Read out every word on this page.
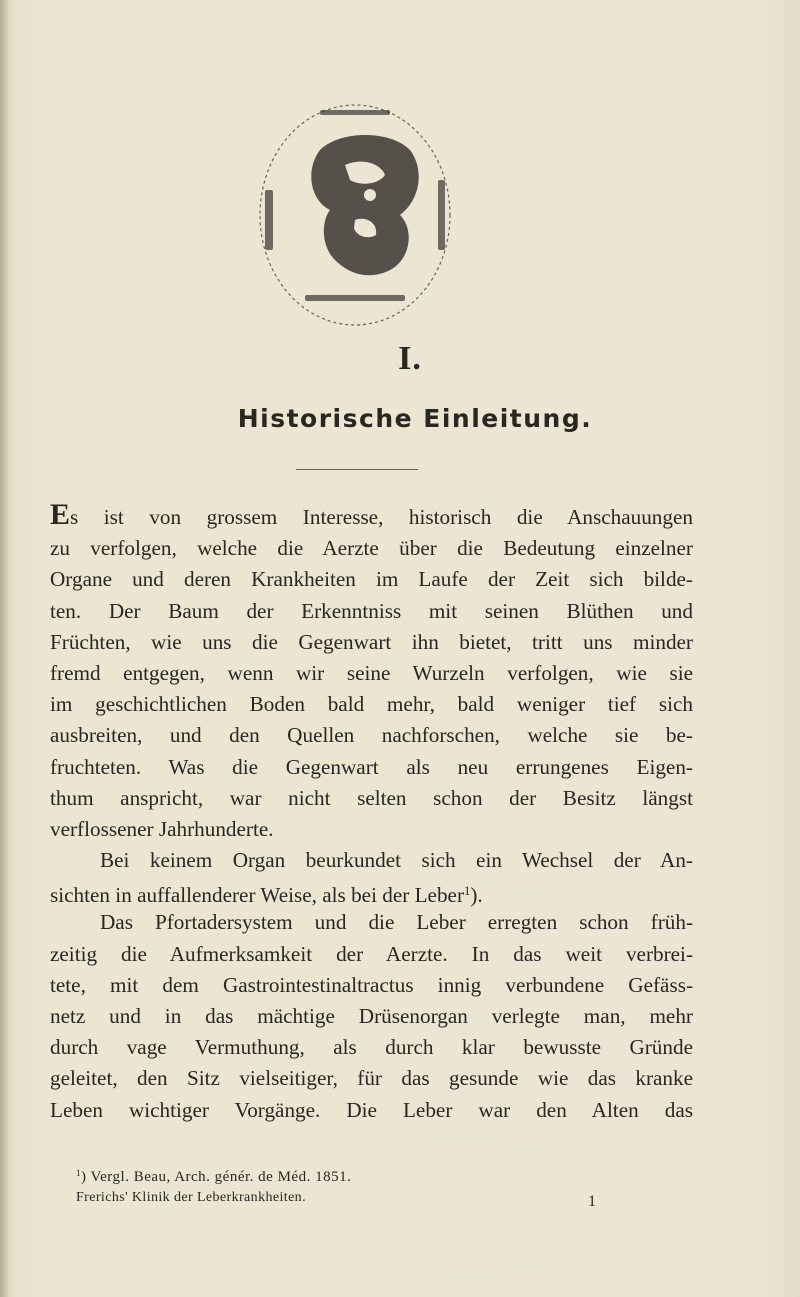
I.
Historische Einleitung.
Es ist von grossem Interesse, historisch die Anschauungen
zu verfolgen, welche die Aerzte über die Bedeutung einzelner
Organe und deren Krankheiten im Laufe der Zeit sich bilde-
ten. Der Baum der Erkenntniss mit seinen Blüthen und
Früchten, wie uns die Gegenwart ihn bietet, tritt uns minder
fremd entgegen, wenn wir seine Wurzeln verfolgen, wie sie
im geschichtlichen Boden bald mehr, bald weniger tief sich
ausbreiten, und den Quellen nachforschen, welche sie be-
fruchteten. Was die Gegenwart als neu errungenes Eigen-
thum anspricht, war nicht selten schon der Besitz längst
verflossener Jahrhunderte.
Bei keinem Organ beurkundet sich ein Wechsel der An-
sichten in auffallenderer Weise, als bei der Leber$^1$).
Das Pfortadersystem und die Leber erregten schon früh-
zeitig die Aufmerksamkeit der Aerzte. In das weit verbrei-
tete, mit dem Gastrointestinaltractus innig verbundene Gefäss-
netz und in das mächtige Drüsenorgan verlegte man, mehr
durch vage Vermuthung, als durch klar bewusste Gründe
geleitet, den Sitz vielseitiger, für das gesunde wie das kranke
Leben wichtiger Vorgänge. Die Leber war den Alten das
$^1$) Vergl. Beau, Arch. génér. de Méd. 1851.
Frerichs' Klinik der Leberkrankheiten.	1
